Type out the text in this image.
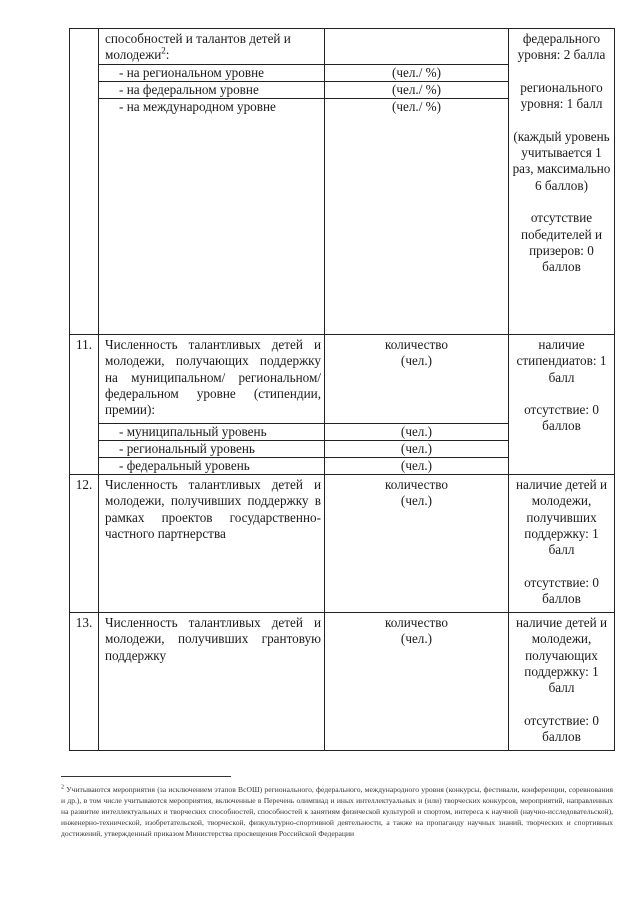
	способностей и талантов детей и молодежи$^2$:		федерального уровня: 2 балла

регионального уровня: 1 балл

(каждый уровень учитывается 1 раз, максимально 6 баллов)

отсутствие победителей и призеров: 0 баллов

	- на региональном уровне	(чел./ %)	

	- на федеральном уровне	(чел./ %)	

	- на международном уровне	(чел./ %)	

11.	Численность талантливых детей и молодежи, получающих поддержку на муниципальном/ региональном/федеральном уровне (стипендии, премии):	количество (чел.)	наличие стипендиатов: 1 балл

отсутствие: 0 баллов

	- муниципальный уровень	(чел.)	

	- региональный уровень	(чел.)	

	- федеральный уровень	(чел.)	

12.	Численность талантливых детей и молодежи, получивших поддержку в рамках проектов государственно-частного партнерства	количество (чел.)	наличие детей и молодежи, получивших поддержку: 1 балл

отсутствие: 0 баллов

13.	Численность талантливых детей и молодежи, получивших грантовую поддержку	количество (чел.)	наличие детей и молодежи, получающих поддержку: 1 балл

отсутствие: 0 баллов

$^2$ Учитываются мероприятия (за исключением этапов ВсОШ) регионального, федерального, международного уровня (конкурсы, фестивали, конференции, соревнования и др.), в том числе учитываются мероприятия, включенные в Перечень олимпиад и иных интеллектуальных и (или) творческих конкурсов, мероприятий, направленных на развитие интеллектуальных и творческих способностей, способностей к занятиям физической культурой и спортом, интереса к научной (научно-исследовательской), инженерно-технической, изобретательской, творческой, физкультурно-спортивной деятельности, а также на пропаганду научных знаний, творческих и спортивных достижений, утвержденный приказом Министерства просвещения Российской Федерации
